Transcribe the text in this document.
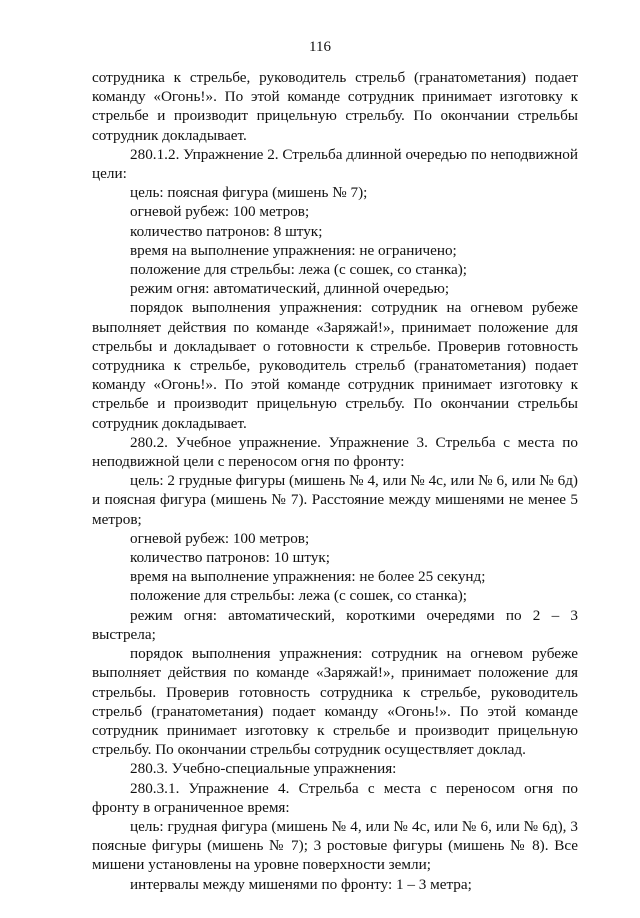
116

сотрудника к стрельбе, руководитель стрельб (гранатометания) подает команду «Огонь!». По этой команде сотрудник принимает изготовку к стрельбе и производит прицельную стрельбу. По окончании стрельбы сотрудник докладывает.

280.1.2. Упражнение 2. Стрельба длинной очередью по неподвижной цели:

цель: поясная фигура (мишень № 7);

огневой рубеж: 100 метров;

количество патронов: 8 штук;

время на выполнение упражнения: не ограничено;

положение для стрельбы: лежа (с сошек, со станка);

режим огня: автоматический, длинной очередью;

порядок выполнения упражнения: сотрудник на огневом рубеже выполняет действия по команде «Заряжай!», принимает положение для стрельбы и докладывает о готовности к стрельбе. Проверив готовность сотрудника к стрельбе, руководитель стрельб (гранатометания) подает команду «Огонь!». По этой команде сотрудник принимает изготовку к стрельбе и производит прицельную стрельбу. По окончании стрельбы сотрудник докладывает.

280.2. Учебное упражнение. Упражнение 3. Стрельба с места по неподвижной цели с переносом огня по фронту:

цель: 2 грудные фигуры (мишень № 4, или № 4с, или № 6, или № 6д) и поясная фигура (мишень № 7). Расстояние между мишенями не менее 5 метров;

огневой рубеж: 100 метров;

количество патронов: 10 штук;

время на выполнение упражнения: не более 25 секунд;

положение для стрельбы: лежа (с сошек, со станка);

режим огня: автоматический, короткими очередями по 2 – 3 выстрела;

порядок выполнения упражнения: сотрудник на огневом рубеже выполняет действия по команде «Заряжай!», принимает положение для стрельбы. Проверив готовность сотрудника к стрельбе, руководитель стрельб (гранатометания) подает команду «Огонь!». По этой команде сотрудник принимает изготовку к стрельбе и производит прицельную стрельбу. По окончании стрельбы сотрудник осуществляет доклад.

280.3. Учебно-специальные упражнения:

280.3.1. Упражнение 4. Стрельба с места с переносом огня по фронту в ограниченное время:

цель: грудная фигура (мишень № 4, или № 4с, или № 6, или № 6д), 3 поясные фигуры (мишень № 7); 3 ростовые фигуры (мишень № 8). Все мишени установлены на уровне поверхности земли;

интервалы между мишенями по фронту: 1 – 3 метра;
